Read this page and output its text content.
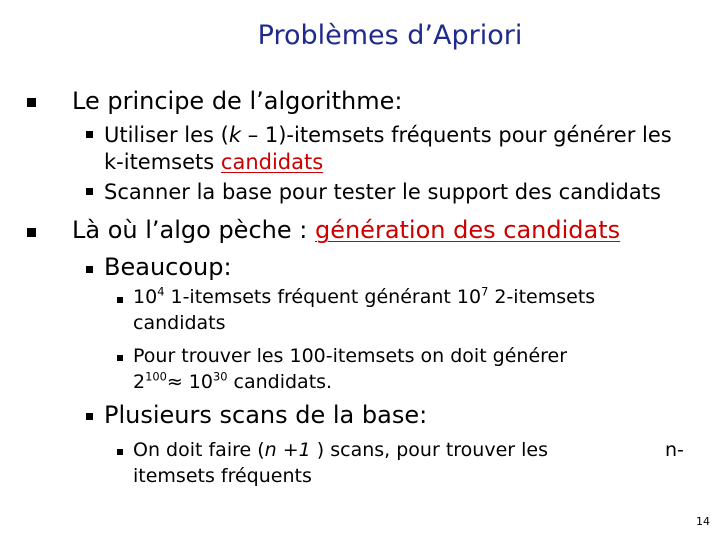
Problèmes d’Apriori
Le principe de l’algorithme:
Utiliser les (k – 1)-itemsets fréquents pour générer les
k-itemsets candidats
Scanner la base pour tester le support des candidats
Là où l’algo pèche : génération des candidats
Beaucoup:
$10^4$ 1-itemsets fréquent générant $10^7$ 2-itemsets
candidats
Pour trouver les 100-itemsets on doit générer
$2^{100}\approx 10^{30}$ candidats.
Plusieurs scans de la base:
On doit faire (n +1 ) scans, pour trouver les	n-
itemsets fréquents
14
